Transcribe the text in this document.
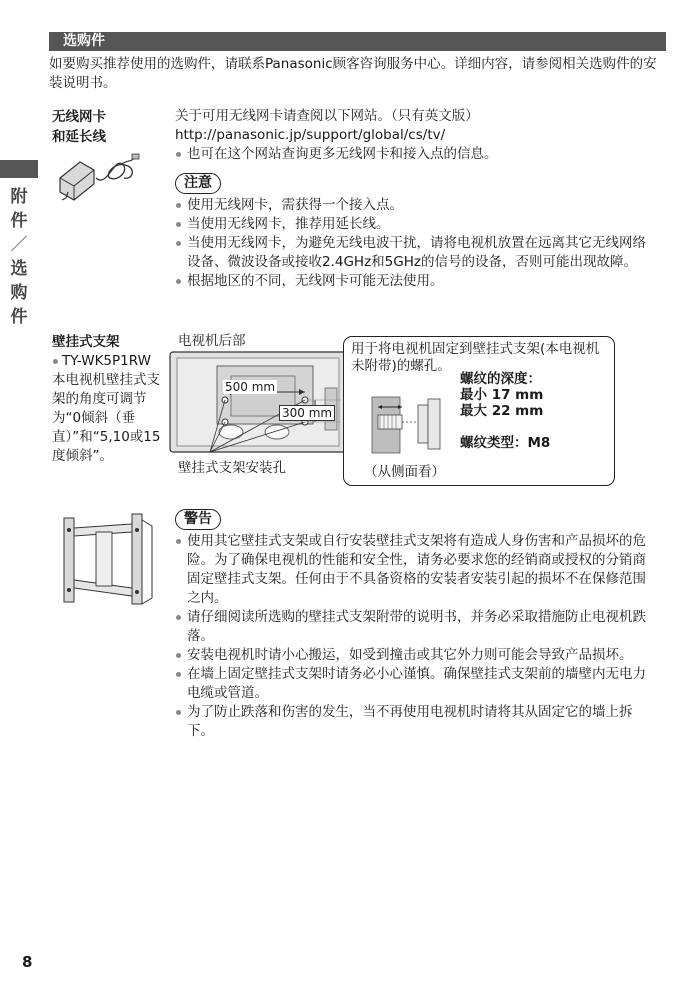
选购件
如要购买推荐使用的选购件，请联系Panasonic顾客咨询服务中心。详细内容，请参阅相关选购件的安装说明书。
附
件
／
选
购
件
无线网卡
和延长线
关于可用无线网卡请查阅以下网站。（只有英文版）
http://panasonic.jp/support/global/cs/tv/
也可在这个网站查询更多无线网卡和接入点的信息。
注意
使用无线网卡，需获得一个接入点。
当使用无线网卡，推荐用延长线。
当使用无线网卡，为避免无线电波干扰，请将电视机放置在远离其它无线网络设备、微波设备或接收2.4GHz和5GHz的信号的设备，否则可能出现故障。
根据地区的不同，无线网卡可能无法使用。
壁挂式支架
TY-WK5P1RW
本电视机壁挂式支架的角度可调节为“0倾斜（垂直）”和“5,10或15度倾斜”。
电视机后部
500 mm
300 mm
壁挂式支架安装孔
用于将电视机固定到壁挂式支架(本电视机未附带)的螺孔。
螺纹的深度：
最小 17 mm
最大 22 mm
螺纹类型：M8
（从侧面看）
警告
使用其它壁挂式支架或自行安装壁挂式支架将有造成人身伤害和产品损坏的危险。为了确保电视机的性能和安全性，请务必要求您的经销商或授权的分销商固定壁挂式支架。任何由于不具备资格的安装者安装引起的损坏不在保修范围之内。
请仔细阅读所选购的壁挂式支架附带的说明书，并务必采取措施防止电视机跌落。
安装电视机时请小心搬运，如受到撞击或其它外力则可能会导致产品损坏。
在墙上固定壁挂式支架时请务必小心谨慎。确保壁挂式支架前的墙壁内无电力电缆或管道。
为了防止跌落和伤害的发生，当不再使用电视机时请将其从固定它的墙上拆下。
8
